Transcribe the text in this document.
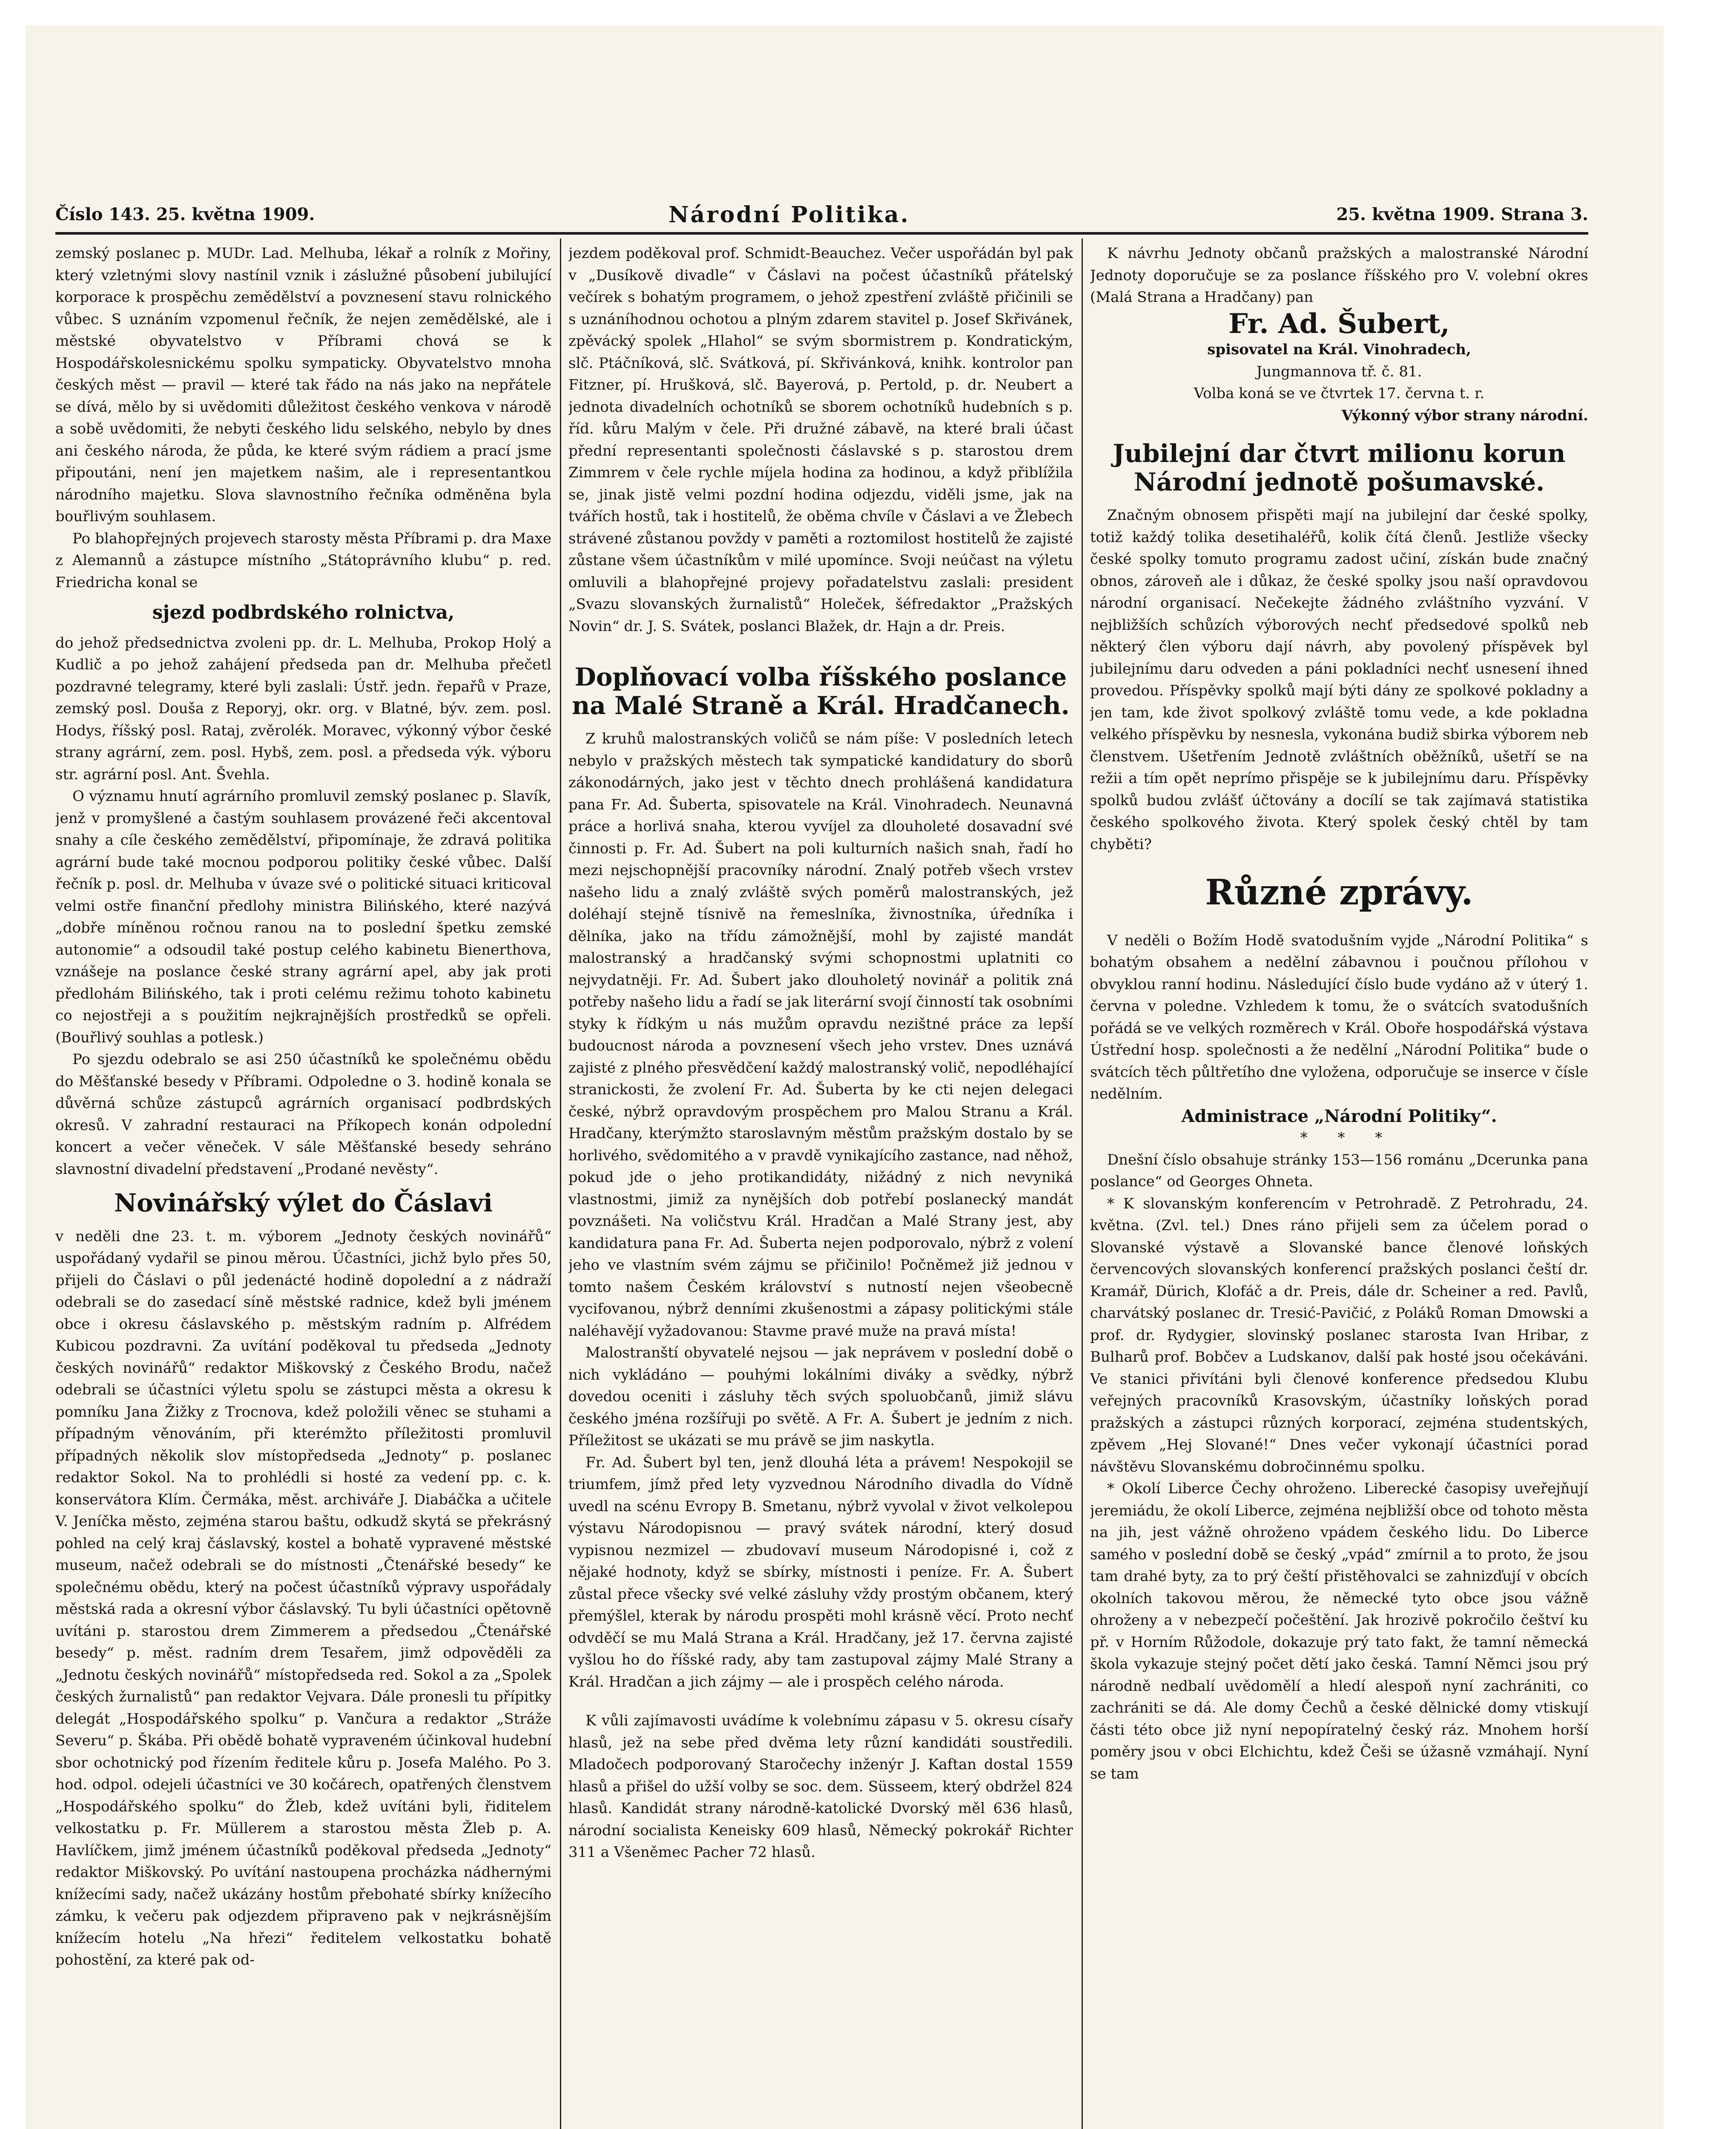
Číslo 143. 25. května 1909.	Národní Politika.	25. května 1909. Strana 3.

zemský poslanec p. MUDr. Lad. Melhuba, lékař a rolník z Mořiny, který vzletnými slovy nastínil vznik i záslužné působení jubilující korporace k prospěchu zemědělství a povznesení stavu rolnického vůbec. S uznáním vzpomenul řečník, že nejen zemědělské, ale i městské obyvatelstvo v Příbrami chová se k Hospodářskolesnickému spolku sympaticky. Obyvatelstvo mnoha českých měst — pravil — které tak řádo na nás jako na nepřátele se dívá, mělo by si uvědomiti důležitost českého venkova v národě a sobě uvědomiti, že nebyti českého lidu selského, nebylo by dnes ani českého národa, že půda, ke které svým rádiem a prací jsme připoutáni, není jen majetkem našim, ale i representantkou národního majetku. Slova slavnostního řečníka odměněna byla bouřlivým souhlasem.

Po blahopřejných projevech starosty města Příbrami p. dra Maxe z Alemannů a zástupce místního „Státoprávního klubu“ p. red. Friedricha konal se

sjezd podbrdského rolnictva,

do jehož předsednictva zvoleni pp. dr. L. Melhuba, Prokop Holý a Kudlič a po jehož zahájení předseda pan dr. Melhuba přečetl pozdravné telegramy, které byli zaslali: Ústř. jedn. řepařů v Praze, zemský posl. Douša z Reporyj, okr. org. v Blatné, býv. zem. posl. Hodys, říšský posl. Rataj, zvěrolék. Moravec, výkonný výbor české strany agrární, zem. posl. Hybš, zem. posl. a předseda výk. výboru str. agrární posl. Ant. Švehla.

O významu hnutí agrárního promluvil zemský poslanec p. Slavík, jenž v promyšlené a častým souhlasem provázené řeči akcentoval snahy a cíle českého zemědělství, připomínaje, že zdravá politika agrární bude také mocnou podporou politiky české vůbec. Další řečník p. posl. dr. Melhuba v úvaze své o politické situaci kriticoval velmi ostře finanční předlohy ministra Bilińského, které nazývá „dobře míněnou ročnou ranou na to poslední špetku zemské autonomie“ a odsoudil také postup celého kabinetu Bienerthova, vznášeje na poslance české strany agrární apel, aby jak proti předlohám Bilińského, tak i proti celému režimu tohoto kabinetu co nejostřeji a s použitím nejkrajnějších prostředků se opřeli. (Bouřlivý souhlas a potlesk.)

Po sjezdu odebralo se asi 250 účastníků ke společnému obědu do Měšťanské besedy v Příbrami. Odpoledne o 3. hodině konala se důvěrná schůze zástupců agrárních organisací podbrdských okresů. V zahradní restauraci na Příkopech konán odpolední koncert a večer věneček. V sále Měšťanské besedy sehráno slavnostní divadelní představení „Prodané nevěsty“.

Novinářský výlet do Čáslavi

v neděli dne 23. t. m. výborem „Jednoty českých novinářů“ uspořádaný vydařil se pinou měrou. Účastníci, jichž bylo přes 50, přijeli do Čáslavi o půl jedenácté hodině dopolední a z nádraží odebrali se do zasedací síně městské radnice, kdež byli jménem obce i okresu čáslavského p. městským radním p. Alfrédem Kubicou pozdravni. Za uvítání poděkoval tu předseda „Jednoty českých novinářů“ redaktor Miškovský z Českého Brodu, načež odebrali se účastníci výletu spolu se zástupci města a okresu k pomníku Jana Žižky z Trocnova, kdež položili věnec se stuhami a případným věnováním, při kterémžto příležitosti promluvil případných několik slov místopředseda „Jednoty“ p. poslanec redaktor Sokol. Na to prohlédli si hosté za vedení pp. c. k. konservátora Klím. Čermáka, měst. archiváře J. Diabáčka a učitele V. Jeníčka město, zejména starou baštu, odkudž skytá se překrásný pohled na celý kraj čáslavský, kostel a bohatě vypravené městské museum, načež odebrali se do místnosti „Čtenářské besedy“ ke společnému obědu, který na počest účastníků výpravy uspořádaly městská rada a okresní výbor čáslavský. Tu byli účastníci opětovně uvítáni p. starostou drem Zimmerem a předsedou „Čtenářské besedy“ p. měst. radním drem Tesařem, jimž odpověděli za „Jednotu českých novinářů“ místopředseda red. Sokol a za „Spolek českých žurnalistů“ pan redaktor Vejvara. Dále pronesli tu přípitky delegát „Hospodářského spolku“ p. Vančura a redaktor „Stráže Severu“ p. Škába. Při obědě bohatě vypraveném účinkoval hudební sbor ochotnický pod řízením ředitele kůru p. Josefa Malého. Po 3. hod. odpol. odejeli účastníci ve 30 kočárech, opatřených členstvem „Hospodářského spolku“ do Žleb, kdež uvítáni byli, řiditelem velkostatku p. Fr. Müllerem a starostou města Žleb p. A. Havlíčkem, jimž jménem účastníků poděkoval předseda „Jednoty“ redaktor Miškovský. Po uvítání nastoupena procházka nádhernými knížecími sady, načež ukázány hostům přebohaté sbírky knížecího zámku, k večeru pak odjezdem připraveno pak v nejkrásnějším knížecím hotelu „Na hřezi“ ředitelem velkostatku bohatě pohostění, za které pak od-

jezdem poděkoval prof. Schmidt-Beauchez. Večer uspořádán byl pak v „Dusíkově divadle“ v Čáslavi na počest účastníků přátelský večírek s bohatým programem, o jehož zpestření zvláště přičinili se s uznáníhodnou ochotou a plným zdarem stavitel p. Josef Skřivánek, zpěvácký spolek „Hlahol“ se svým sbormistrem p. Kondratickým, slč. Ptáčníková, slč. Svátková, pí. Skřivánková, knihk. kontrolor pan Fitzner, pí. Hrušková, slč. Bayerová, p. Pertold, p. dr. Neubert a jednota divadelních ochotníků se sborem ochotníků hudebních s p. říd. kůru Malým v čele. Při družné zábavě, na které brali účast přední representanti společnosti čáslavské s p. starostou drem Zimmrem v čele rychle míjela hodina za hodinou, a když přiblížila se, jinak jistě velmi pozdní hodina odjezdu, viděli jsme, jak na tvářích hostů, tak i hostitelů, že oběma chvíle v Čáslavi a ve Žlebech strávené zůstanou povždy v paměti a roztomilost hostitelů že zajisté zůstane všem účastníkům v milé upomínce. Svoji neúčast na výletu omluvili a blahopřejné projevy pořadatelstvu zaslali: president „Svazu slovanských žurnalistů“ Holeček, šéfredaktor „Pražských Novin“ dr. J. S. Svátek, poslanci Blažek, dr. Hajn a dr. Preis.

Doplňovací volba říšského poslance na Malé Straně a Král. Hradčanech.

Z kruhů malostranských voličů se nám píše: V posledních letech nebylo v pražských městech tak sympatické kandidatury do sborů zákonodárných, jako jest v těchto dnech prohlášená kandidatura pana Fr. Ad. Šuberta, spisovatele na Král. Vinohradech. Neunavná práce a horlivá snaha, kterou vyvíjel za dlouholeté dosavadní své činnosti p. Fr. Ad. Šubert na poli kulturních našich snah, řadí ho mezi nejschopnější pracovníky národní. Znalý potřeb všech vrstev našeho lidu a znalý zvláště svých poměrů malostranských, jež doléhají stejně tísnivě na řemeslníka, živnostníka, úředníka i dělníka, jako na třídu zámožnější, mohl by zajisté mandát malostranský a hradčanský svými schopnostmi uplatniti co nejvydatněji. Fr. Ad. Šubert jako dlouholetý novinář a politik zná potřeby našeho lidu a řadí se jak literární svojí činností tak osobními styky k řídkým u nás mužům opravdu nezištné práce za lepší budoucnost národa a povznesení všech jeho vrstev. Dnes uznává zajisté z plného přesvědčení každý malostranský volič, nepodléhající stranickosti, že zvolení Fr. Ad. Šuberta by ke cti nejen delegaci české, nýbrž opravdovým prospěchem pro Malou Stranu a Král. Hradčany, kterýmžto staroslavným městům pražským dostalo by se horlivého, svědomitého a v pravdě vynikajícího zastance, nad něhož, pokud jde o jeho protikandidáty, nižádný z nich nevyniká vlastnostmi, jimiž za nynějších dob potřebí poslanecký mandát povznášeti. Na voličstvu Král. Hradčan a Malé Strany jest, aby kandidatura pana Fr. Ad. Šuberta nejen podporovalo, nýbrž z volení jeho ve vlastním svém zájmu se přičinilo! Počněmež již jednou v tomto našem Českém království s nutností nejen všeobecně vycifovanou, nýbrž denními zkušenostmi a zápasy politickými stále naléhavějí vyžadovanou: Stavme pravé muže na pravá místa!

Malostranští obyvatelé nejsou — jak neprávem v poslední době o nich vykládáno — pouhými lokálními diváky a svědky, nýbrž dovedou oceniti i zásluhy těch svých spoluobčanů, jimiž slávu českého jména rozšířuji po světě. A Fr. A. Šubert je jedním z nich. Příležitost se ukázati se mu právě se jim naskytla.

Fr. Ad. Šubert byl ten, jenž dlouhá léta a právem! Nespokojil se triumfem, jímž před lety vyzvednou Národního divadla do Vídně uvedl na scénu Evropy B. Smetanu, nýbrž vyvolal v život velkolepou výstavu Národopisnou — pravý svátek národní, který dosud vypisnou nezmizel — zbudovaví museum Národopisné i, což z nějaké hodnoty, když se sbírky, místnosti i peníze. Fr. A. Šubert zůstal přece všecky své velké zásluhy vždy prostým občanem, který přemýšlel, kterak by národu prospěti mohl krásně věcí. Proto nechť odvděčí se mu Malá Strana a Král. Hradčany, jež 17. června zajisté vyšlou ho do říšské rady, aby tam zastupoval zájmy Malé Strany a Král. Hradčan a jich zájmy — ale i prospěch celého národa.

K vůli zajímavosti uvádíme k volebnímu zápasu v 5. okresu císařy hlasů, jež na sebe před dvěma lety různí kandidáti soustředili. Mladočech podporovaný Staročechy inženýr J. Kaftan dostal 1559 hlasů a přišel do užší volby se soc. dem. Süsseem, který obdržel 824 hlasů. Kandidát strany národně-katolické Dvorský měl 636 hlasů, národní socialista Keneisky 609 hlasů, Německý pokrokář Richter 311 a Všeněmec Pacher 72 hlasů.

K návrhu Jednoty občanů pražských a malostranské Národní Jednoty doporučuje se za poslance říšského pro V. volební okres (Malá Strana a Hradčany) pan

Fr. Ad. Šubert,

spisovatel na Král. Vinohradech,

Jungmannova tř. č. 81.

Volba koná se ve čtvrtek 17. června t. r.

Výkonný výbor strany národní.

Jubilejní dar čtvrt milionu korun Národní jednotě pošumavské.

Značným obnosem přispěti mají na jubilejní dar české spolky, totiž každý tolika desetihaléřů, kolik čítá členů. Jestliže všecky české spolky tomuto programu zadost učiní, získán bude značný obnos, zároveň ale i důkaz, že české spolky jsou naší opravdovou národní organisací. Nečekejte žádného zvláštního vyzvání. V nejbližších schůzích výborových nechť předsedové spolků neb některý člen výboru dají návrh, aby povolený příspěvek byl jubilejnímu daru odveden a páni pokladníci nechť usnesení ihned provedou. Příspěvky spolků mají býti dány ze spolkové pokladny a jen tam, kde život spolkový zvláště tomu vede, a kde pokladna velkého příspěvku by nesnesla, vykonána budiž sbirka výborem neb členstvem. Ušetřením Jednotě zvláštních oběžníků, ušetří se na režii a tím opět neprímo přispěje se k jubilejnímu daru. Příspěvky spolků budou zvlášť účtovány a docílí se tak zajímavá statistika českého spolkového života. Který spolek český chtěl by tam chyběti?

Různé zprávy.

V neděli o Božím Hodě svatodušním vyjde „Národní Politika“ s bohatým obsahem a nedělní zábavnou i poučnou přílohou v obvyklou ranní hodinu. Následující číslo bude vydáno až v úterý 1. června v poledne. Vzhledem k tomu, že o svátcích svatodušních pořádá se ve velkých rozměrech v Král. Oboře hospodářská výstava Ústřední hosp. společnosti a že nedělní „Národní Politika“ bude o svátcích těch půltřetího dne vyložena, odporučuje se inserce v čísle nedělním.

Administrace „Národní Politiky“.

* * *

Dnešní číslo obsahuje stránky 153—156 románu „Dcerunka pana poslance“ od Georges Ohneta.

* K slovanským konferencím v Petrohradě. Z Petrohradu, 24. května. (Zvl. tel.) Dnes ráno přijeli sem za účelem porad o Slovanské výstavě a Slovanské bance členové loňských červencových slovanských konferencí pražských poslanci čeští dr. Kramář, Dürich, Klofáč a dr. Preis, dále dr. Scheiner a red. Pavlů, charvátský poslanec dr. Tresić-Pavičić, z Poláků Roman Dmowski a prof. dr. Rydygier, slovinský poslanec starosta Ivan Hribar, z Bulharů prof. Bobčev a Ludskanov, další pak hosté jsou očekáváni. Ve stanici přivítáni byli členové konference předsedou Klubu veřejných pracovníků Krasovským, účastníky loňských porad pražských a zástupci různých korporací, zejména studentských, zpěvem „Hej Slované!“ Dnes večer vykonají účastníci porad návštěvu Slovanskému dobročinnému spolku.

* Okolí Liberce Čechy ohroženo. Liberecké časopisy uveřejňují jeremiádu, že okolí Liberce, zejména nejbližší obce od tohoto města na jih, jest vážně ohroženo vpádem českého lidu. Do Liberce samého v poslední době se český „vpád“ zmírnil a to proto, že jsou tam drahé byty, za to prý čeští přistěhovalci se zahnizďují v obcích okolních takovou měrou, že německé tyto obce jsou vážně ohroženy a v nebezpečí počeštění. Jak hrozivě pokročilo češtví ku př. v Horním Růžodole, dokazuje prý tato fakt, že tamní německá škola vykazuje stejný počet dětí jako česká. Tamní Němci jsou prý národně nedbalí uvědomělí a hledí alespoň nyní zachrániti, co zachrániti se dá. Ale domy Čechů a české dělnické domy vtiskují části této obce již nyní nepopíratelný český ráz. Mnohem horší poměry jsou v obci Elchichtu, kdež Češi se úžasně vzmáhají. Nyní se tam
